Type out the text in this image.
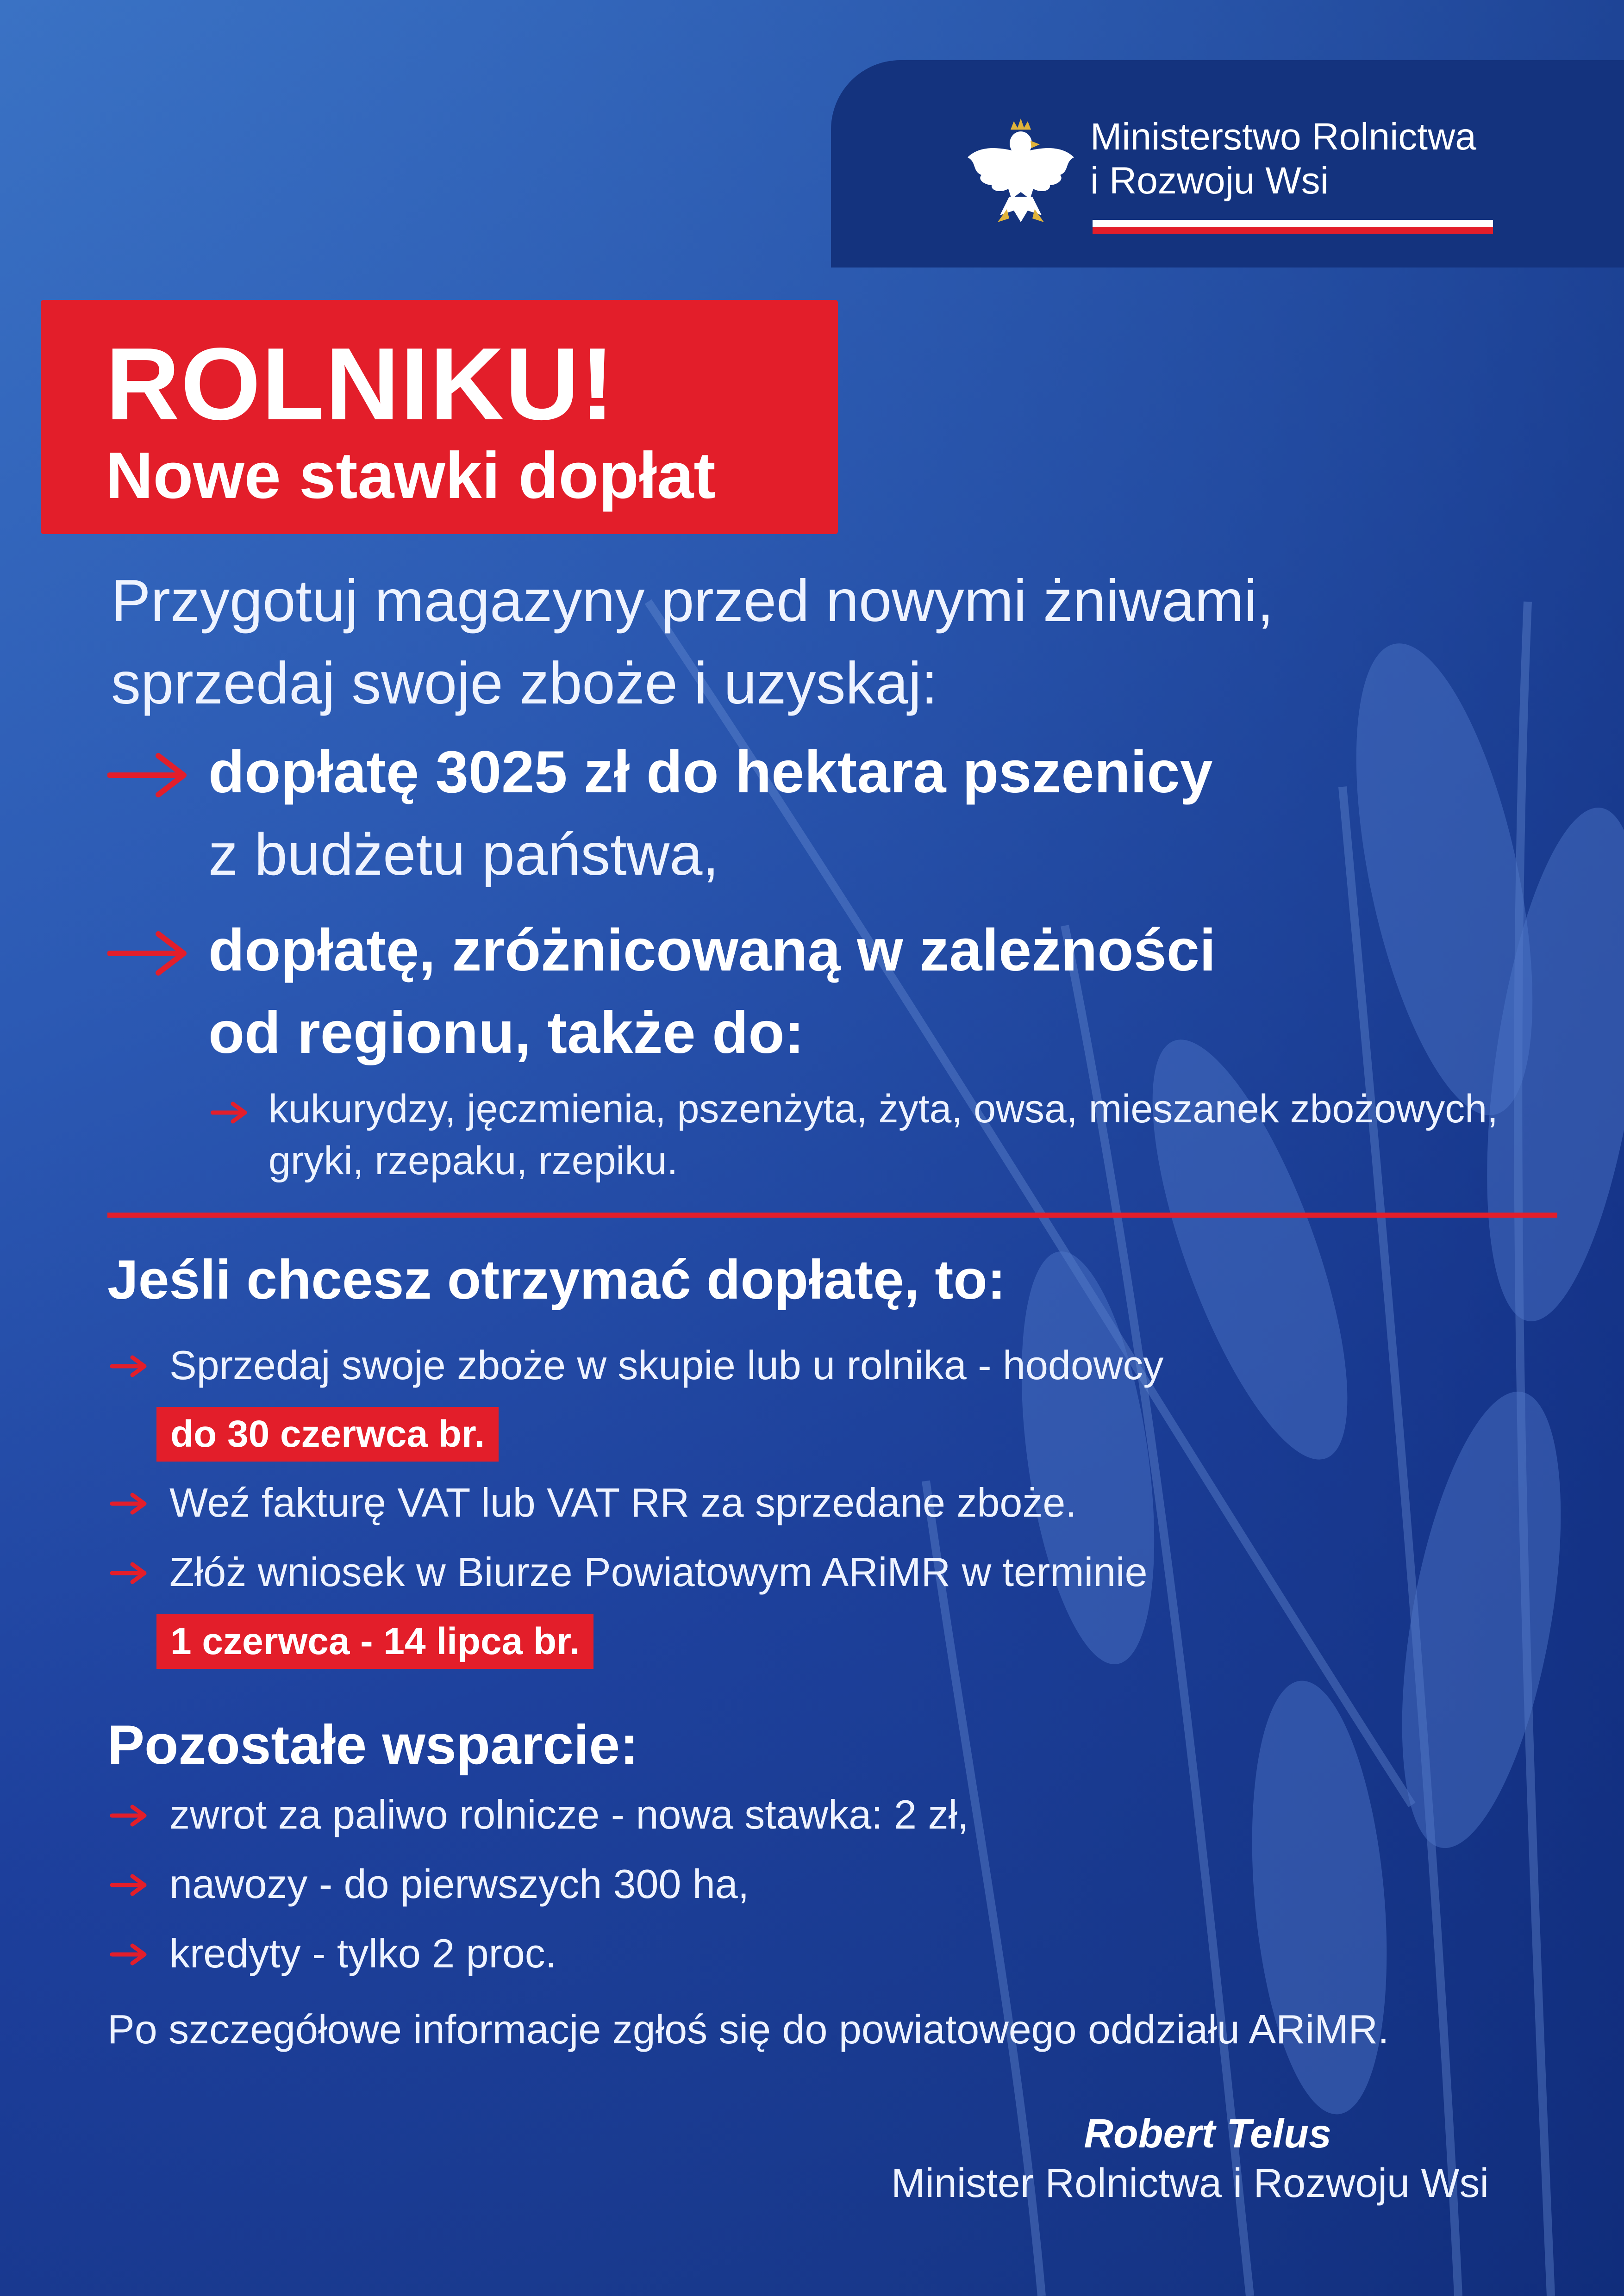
Ministerstwo Rolnictwa
i Rozwoju Wsi
ROLNIKU!
Nowe stawki dopłat
Przygotuj magazyny przed nowymi żniwami,
sprzedaj swoje zboże i uzyskaj:
dopłatę 3025 zł do hektara pszenicy
z budżetu państwa,
dopłatę, zróżnicowaną w zależności
od regionu, także do:
kukurydzy, jęczmienia, pszenżyta, żyta, owsa, mieszanek zbożowych,
gryki, rzepaku, rzepiku.
Jeśli chcesz otrzymać dopłatę, to:
Sprzedaj swoje zboże w skupie lub u rolnika - hodowcy
do 30 czerwca br.
Weź fakturę VAT lub VAT RR za sprzedane zboże.
Złóż wniosek w Biurze Powiatowym ARiMR w terminie
1 czerwca - 14 lipca br.
Pozostałe wsparcie:
zwrot za paliwo rolnicze - nowa stawka: 2 zł,
nawozy - do pierwszych 300 ha,
kredyty - tylko 2 proc.
Po szczegółowe informacje zgłoś się do powiatowego oddziału ARiMR.
Robert Telus
Minister Rolnictwa i Rozwoju Wsi
